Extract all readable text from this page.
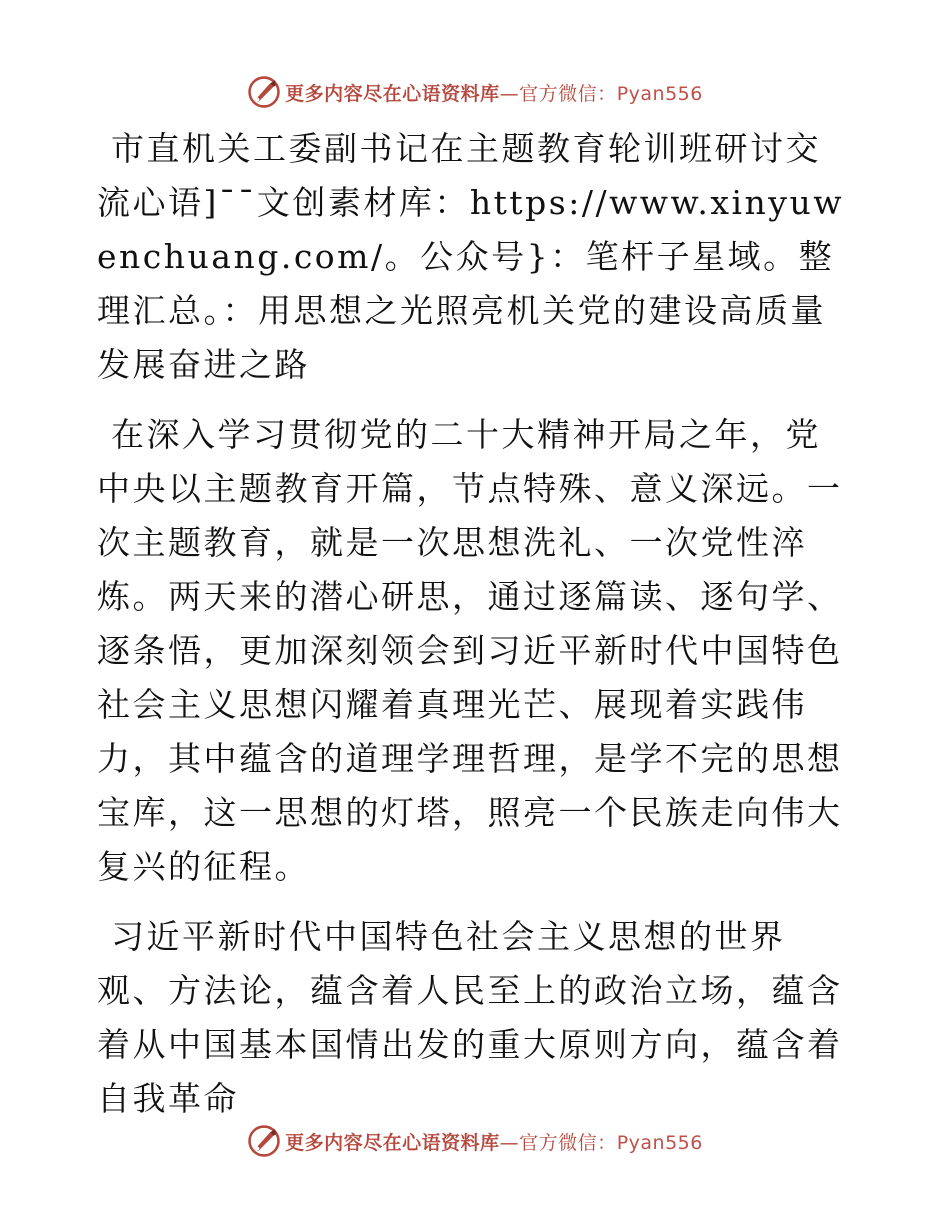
更多内容尽在心语资料库—官方微信：Pyan556

市直机关工委副书记在主题教育轮训班研讨交流心语]¯¯文创素材库：https://www.xinyuwenchuang.com/。公众号}：笔杆子星域。整理汇总。：用思想之光照亮机关党的建设高质量发展奋进之路

在深入学习贯彻党的二十大精神开局之年，党中央以主题教育开篇，节点特殊、意义深远。一次主题教育，就是一次思想洗礼、一次党性淬炼。两天来的潜心研思，通过逐篇读、逐句学、逐条悟，更加深刻领会到习近平新时代中国特色社会主义思想闪耀着真理光芒、展现着实践伟力，其中蕴含的道理学理哲理，是学不完的思想宝库，这一思想的灯塔，照亮一个民族走向伟大复兴的征程。

习近平新时代中国特色社会主义思想的世界观、方法论，蕴含着人民至上的政治立场，蕴含着从中国基本国情出发的重大原则方向，蕴含着自我革命

更多内容尽在心语资料库—官方微信：Pyan556
